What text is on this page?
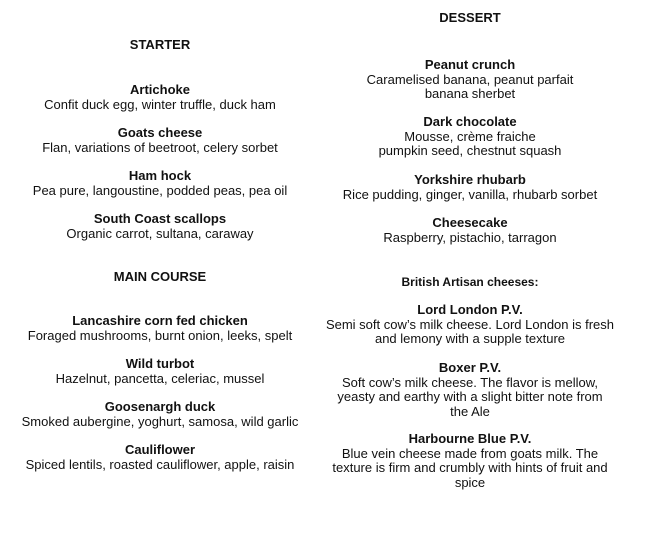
STARTER
Artichoke
Confit duck egg, winter truffle, duck ham
Goats cheese
Flan, variations of beetroot, celery sorbet
Ham hock
Pea pure, langoustine, podded peas, pea oil
South Coast scallops
Organic carrot, sultana, caraway
MAIN COURSE
Lancashire corn fed chicken
Foraged mushrooms, burnt onion, leeks, spelt
Wild turbot
Hazelnut, pancetta, celeriac, mussel
Goosenargh duck
Smoked aubergine, yoghurt, samosa, wild garlic
Cauliflower
Spiced lentils, roasted cauliflower, apple, raisin
DESSERT
Peanut crunch
Caramelised banana, peanut parfait
banana sherbet
Dark chocolate
Mousse, crème fraiche
pumpkin seed, chestnut squash
Yorkshire rhubarb
Rice pudding, ginger, vanilla, rhubarb sorbet
Cheesecake
Raspberry, pistachio, tarragon
British Artisan cheeses:
Lord London P.V.
Semi soft cow’s milk cheese. Lord London is fresh
and lemony with a supple texture
Boxer P.V.
Soft cow’s milk cheese. The flavor is mellow,
yeasty and earthy with a slight bitter note from
the Ale
Harbourne Blue P.V.
Blue vein cheese made from goats milk. The
texture is firm and crumbly with hints of fruit and
spice
